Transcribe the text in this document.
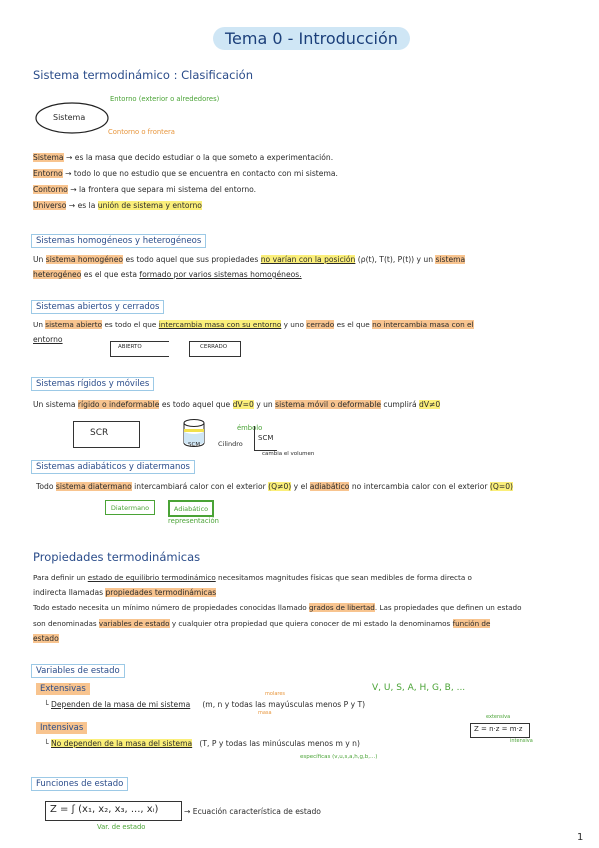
Tema 0 - Introducción
Sistema termodinámico : Clasificación
Sistema
Entorno (exterior o alrededores)
Contorno o frontera
Sistema → es la masa que decido estudiar o la que someto a experimentación.
Entorno → todo lo que no estudio que se encuentra en contacto con mi sistema.
Contorno → la frontera que separa mi sistema del entorno.
Universo → es la unión de sistema y entorno
Sistemas homogéneos y heterogéneos
Un sistema homogéneo es todo aquel que sus propiedades no varían con la posición (ρ(t), T(t), P(t)) y un sistema
heterogéneo es el que esta formado por varios sistemas homogéneos.
Sistemas abiertos y cerrados
Un sistema abierto es todo el que intercambia masa con su entorno y uno cerrado es el que no intercambia masa con el
entorno
ABIERTO	CERRADO
Sistemas rígidos y móviles
Un sistema rígido o indeformable es todo aquel que dV=0 y un sistema móvil o deformable cumplirá dV≠0
SCR
SCM	Cilindro
émbolo
SCM
cambia el volumen
Sistemas adiabáticos y diatermanos
Todo sistema diatermano intercambiará calor con el exterior (Q≠0) y el adiabático no intercambia calor con el exterior (Q=0)
Diatermano	Adiabático
representación
Propiedades termodinámicas
Para definir un estado de equilibrio termodinámico necesitamos magnitudes físicas que sean medibles de forma directa o
indirecta llamadas propiedades termodinámicas
Todo estado necesita un mínimo número de propiedades conocidas llamado grados de libertad. Las propiedades que definen un estado
son denominadas variables de estado y cualquier otra propiedad que quiera conocer de mi estado la denominamos función de
estado
Variables de estado
Extensivas	V, U, S, A, H, G, B, ...
└ Dependen de la masa de mi sistema (m, n y todas las mayúsculas menos P y T)
molares
masa
Intensivas
└ No dependen de la masa del sistema (T, P y todas las minúsculas menos m y n)
específicas (v,u,s,a,h,g,b,...)
Z = n·z = m·z
extensiva
intensiva
Funciones de estado
Z = ʃ (x₁, x₂, x₃, ..., xᵢ)	→ Ecuación característica de estado
Var. de estado
1
